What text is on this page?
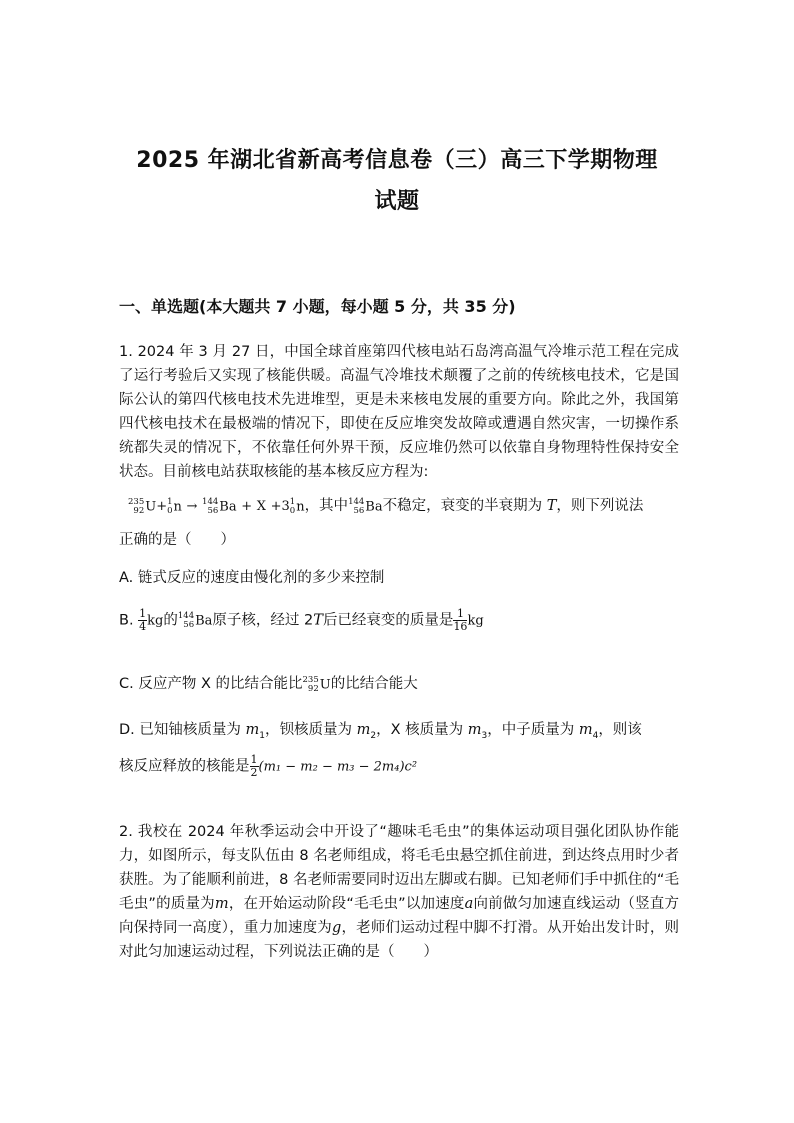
2025 年湖北省新高考信息卷（三）高三下学期物理
试题
一、单选题(本大题共 7 小题，每小题 5 分，共 35 分)
1. 2024 年 3 月 27 日，中国全球首座第四代核电站石岛湾高温气冷堆示范工程在完成了运行考验后又实现了核能供暖。高温气冷堆技术颠覆了之前的传统核电技术，它是国际公认的第四代核电技术先进堆型，更是未来核电发展的重要方向。除此之外，我国第四代核电技术在最极端的情况下，即使在反应堆突发故障或遭遇自然灾害，一切操作系统都失灵的情况下，不依靠任何外界干预，反应堆仍然可以依靠自身物理特性保持安全状态。目前核电站获取核能的基本核反应方程为:
235
92 U+ 1
0 n → 144
56 Ba + X +3 1
0 n，其中 144
56 Ba不稳定，衰变的半衰期为 T，则下列说法
正确的是（　　）
A. 链式反应的速度由慢化剂的多少来控制
B. $\frac{1}{4}$ kg的 144
56 Ba原子核，经过 2T后已经衰变的质量是 $\frac{1}{16}$ kg
C. 反应产物 X 的比结合能比 235
92 U的比结合能大
D. 已知铀核质量为 $m_1$，钡核质量为 $m_2$，X 核质量为 $m_3$，中子质量为 $m_4$，则该
核反应释放的核能是 $\frac{1}{2} (m_1 - m_2 - m_3 - 2m_4)c^2$
2. 我校在 2024 年秋季运动会中开设了“趣味毛毛虫”的集体运动项目强化团队协作能力，如图所示，每支队伍由 8 名老师组成，将毛毛虫悬空抓住前进，到达终点用时少者获胜。为了能顺利前进，8 名老师需要同时迈出左脚或右脚。已知老师们手中抓住的“毛毛虫”的质量为m，在开始运动阶段“毛毛虫”以加速度a向前做匀加速直线运动（竖直方向保持同一高度），重力加速度为g，老师们运动过程中脚不打滑。从开始出发计时，则对此匀加速运动过程，下列说法正确的是（　　）
